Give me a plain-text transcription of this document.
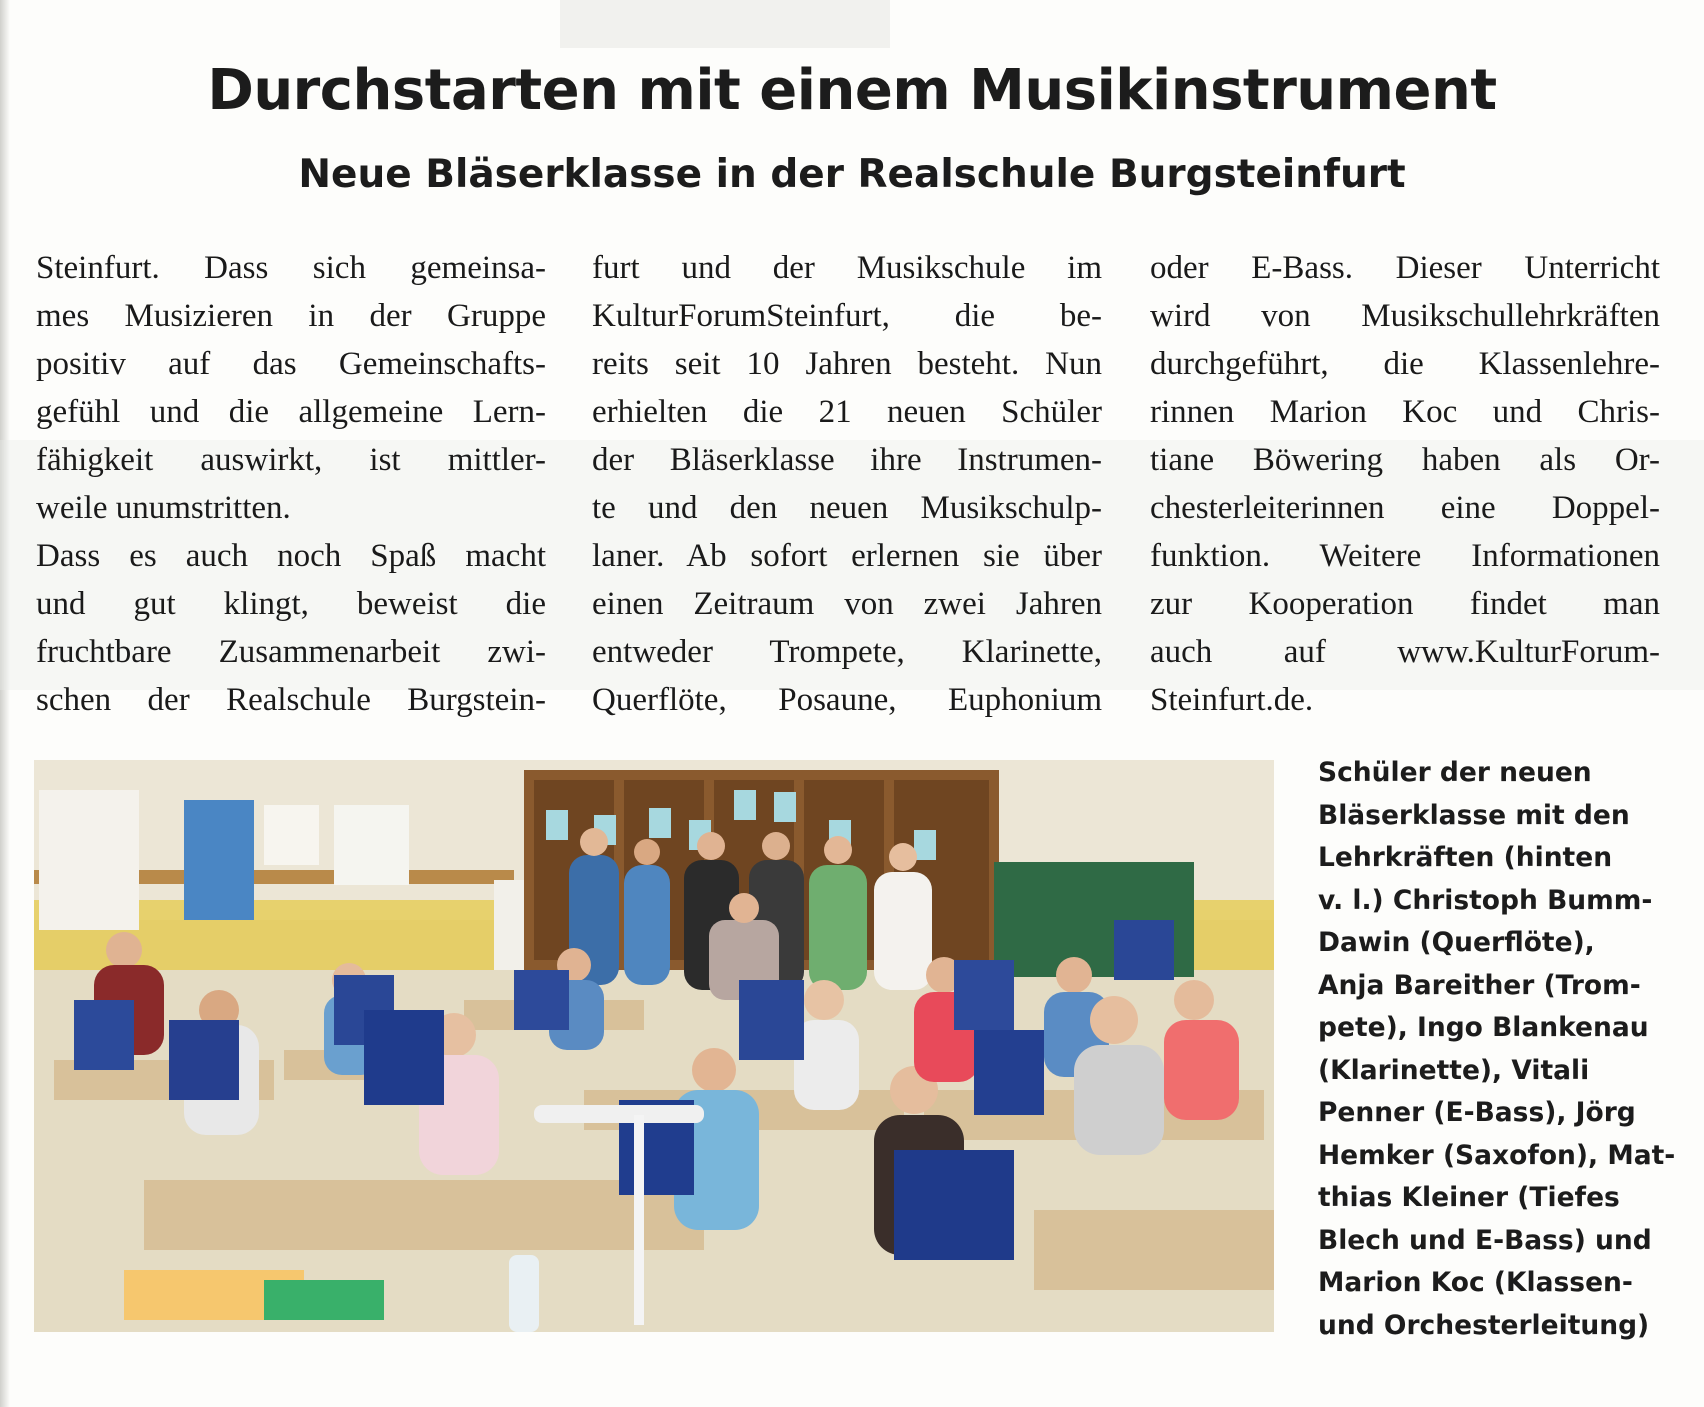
Durchstarten mit einem Musikinstrument
Neue Bläserklasse in der Realschule Burgsteinfurt
Steinfurt. Dass sich gemeinsa-
mes Musizieren in der Gruppe
positiv auf das Gemeinschafts-
gefühl und die allgemeine Lern-
fähigkeit auswirkt, ist mittler-
weile unumstritten.
Dass es auch noch Spaß macht
und gut klingt, beweist die
fruchtbare Zusammenarbeit zwi-
schen der Realschule Burgstein-
furt und der Musikschule im
KulturForumSteinfurt, die be-
reits seit 10 Jahren besteht. Nun
erhielten die 21 neuen Schüler
der Bläserklasse ihre Instrumen-
te und den neuen Musikschulp-
laner. Ab sofort erlernen sie über
einen Zeitraum von zwei Jahren
entweder Trompete, Klarinette,
Querflöte, Posaune, Euphonium
oder E-Bass. Dieser Unterricht
wird von Musikschullehrkräften
durchgeführt, die Klassenlehre-
rinnen Marion Koc und Chris-
tiane Böwering haben als Or-
chesterleiterinnen eine Doppel-
funktion. Weitere Informationen
zur Kooperation findet man
auch auf www.KulturForum-
Steinfurt.de.
Schüler der neuen
Bläserklasse mit den
Lehrkräften (hinten
v. l.) Christoph Bumm-
Dawin (Querflöte),
Anja Bareither (Trom-
pete), Ingo Blankenau
(Klarinette), Vitali
Penner (E-Bass), Jörg
Hemker (Saxofon), Mat-
thias Kleiner (Tiefes
Blech und E-Bass) und
Marion Koc (Klassen-
und Orchesterleitung)
